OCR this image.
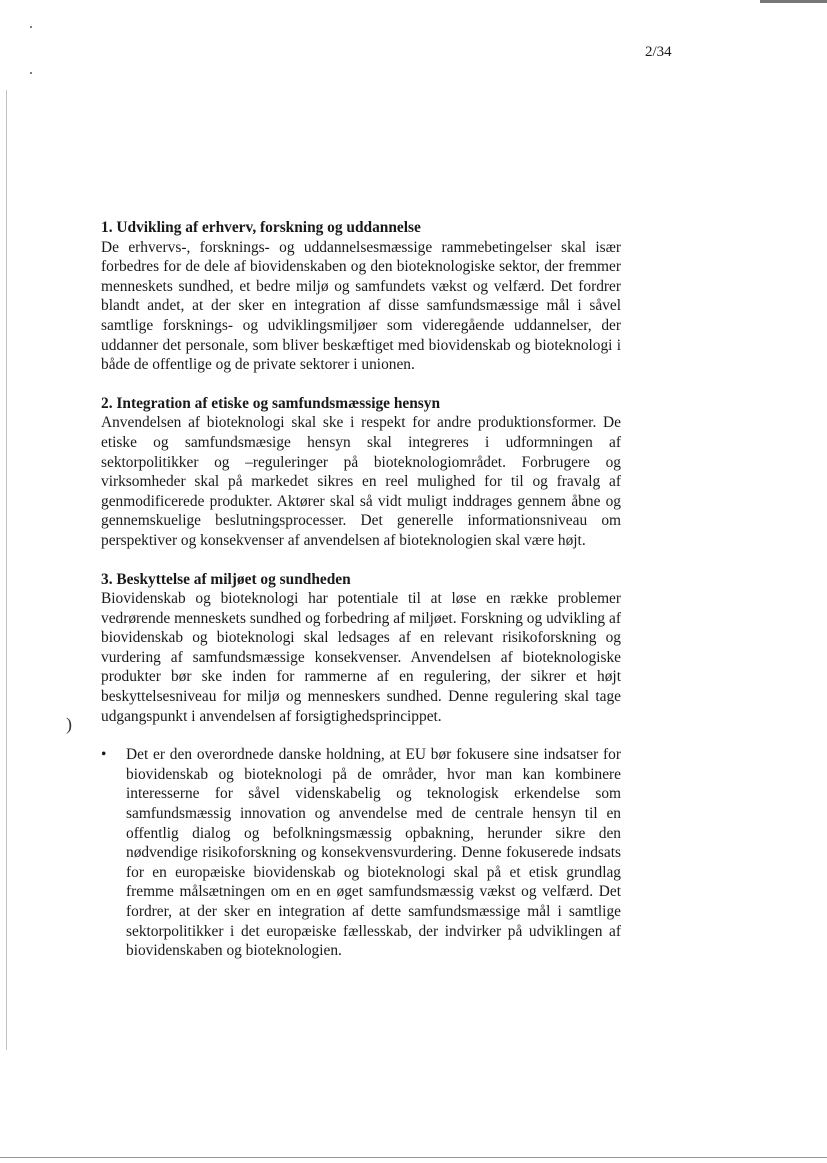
)
2/34
1. Udvikling af erhverv, forskning og uddannelse
De erhvervs-, forsknings- og uddannelsesmæssige rammebetingelser skal især forbedres for de dele af biovidenskaben og den bioteknologiske sektor, der fremmer menneskets sundhed, et bedre miljø og samfundets vækst og velfærd. Det fordrer blandt andet, at der sker en integration af disse samfundsmæssige mål i såvel samtlige forsknings- og udviklingsmiljøer som videregående uddannelser, der uddanner det personale, som bliver beskæftiget med biovidenskab og bioteknologi i både de offentlige og de private sektorer i unionen.
2. Integration af etiske og samfundsmæssige hensyn
Anvendelsen af bioteknologi skal ske i respekt for andre produktionsformer. De etiske og samfundsmæsige hensyn skal integreres i udformningen af sektorpolitikker og –reguleringer på bioteknologiområdet. Forbrugere og virksomheder skal på markedet sikres en reel mulighed for til og fravalg af genmodificerede produkter. Aktører skal så vidt muligt inddrages gennem åbne og gennemskuelige beslutningsprocesser. Det generelle informationsniveau om perspektiver og konsekvenser af anvendelsen af bioteknologien skal være højt.
3. Beskyttelse af miljøet og sundheden
Biovidenskab og bioteknologi har potentiale til at løse en række problemer vedrørende menneskets sundhed og forbedring af miljøet. Forskning og udvikling af biovidenskab og bioteknologi skal ledsages af en relevant risikoforskning og vurdering af samfundsmæssige konsekvenser. Anvendelsen af bioteknologiske produkter bør ske inden for rammerne af en regulering, der sikrer et højt beskyttelsesniveau for miljø og menneskers sundhed. Denne regulering skal tage udgangspunkt i anvendelsen af forsigtighedsprincippet.
• Det er den overordnede danske holdning, at EU bør fokusere sine indsatser for biovidenskab og bioteknologi på de områder, hvor man kan kombinere interesserne for såvel videnskabelig og teknologisk erkendelse som samfundsmæssig innovation og anvendelse med de centrale hensyn til en offentlig dialog og befolkningsmæssig opbakning, herunder sikre den nødvendige risikoforskning og konsekvensvurdering. Denne fokuserede indsats for en europæiske biovidenskab og bioteknologi skal på et etisk grundlag fremme målsætningen om en en øget samfundsmæssig vækst og velfærd. Det fordrer, at der sker en integration af dette samfundsmæssige mål i samtlige sektorpolitikker i det europæiske fællesskab, der indvirker på udviklingen af biovidenskaben og bioteknologien.
